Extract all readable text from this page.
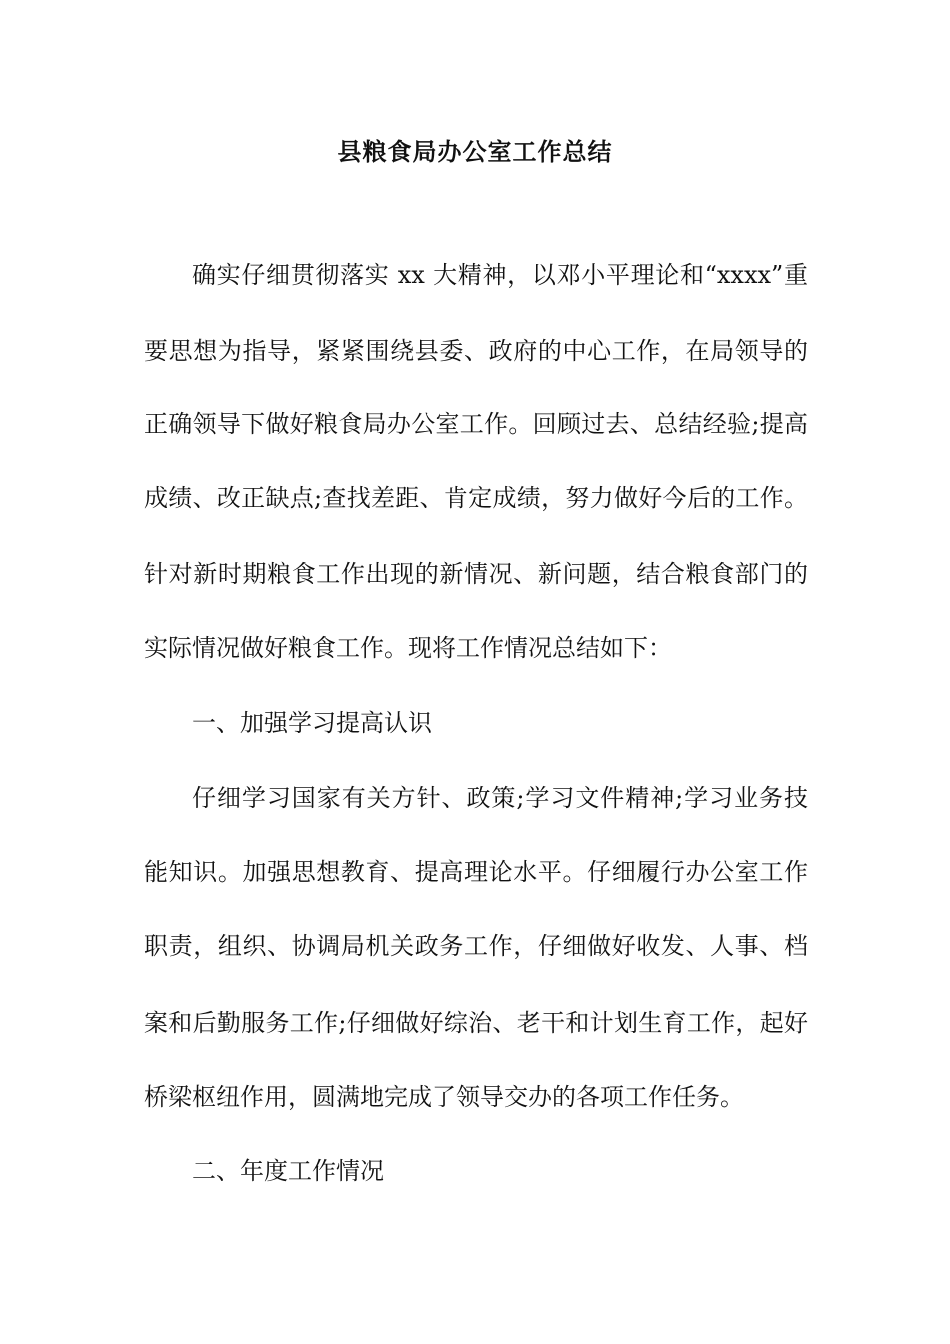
县粮食局办公室工作总结

确实仔细贯彻落实 xx 大精神，以邓小平理论和“xxxx”重

要思想为指导，紧紧围绕县委、政府的中心工作，在局领导的

正确领导下做好粮食局办公室工作。回顾过去、总结经验;提高

成绩、改正缺点;查找差距、肯定成绩，努力做好今后的工作。

针对新时期粮食工作出现的新情况、新问题，结合粮食部门的

实际情况做好粮食工作。现将工作情况总结如下：

一、加强学习提高认识

仔细学习国家有关方针、政策;学习文件精神;学习业务技

能知识。加强思想教育、提高理论水平。仔细履行办公室工作

职责，组织、协调局机关政务工作，仔细做好收发、人事、档

案和后勤服务工作;仔细做好综治、老干和计划生育工作，起好

桥梁枢纽作用，圆满地完成了领导交办的各项工作任务。

二、年度工作情况
